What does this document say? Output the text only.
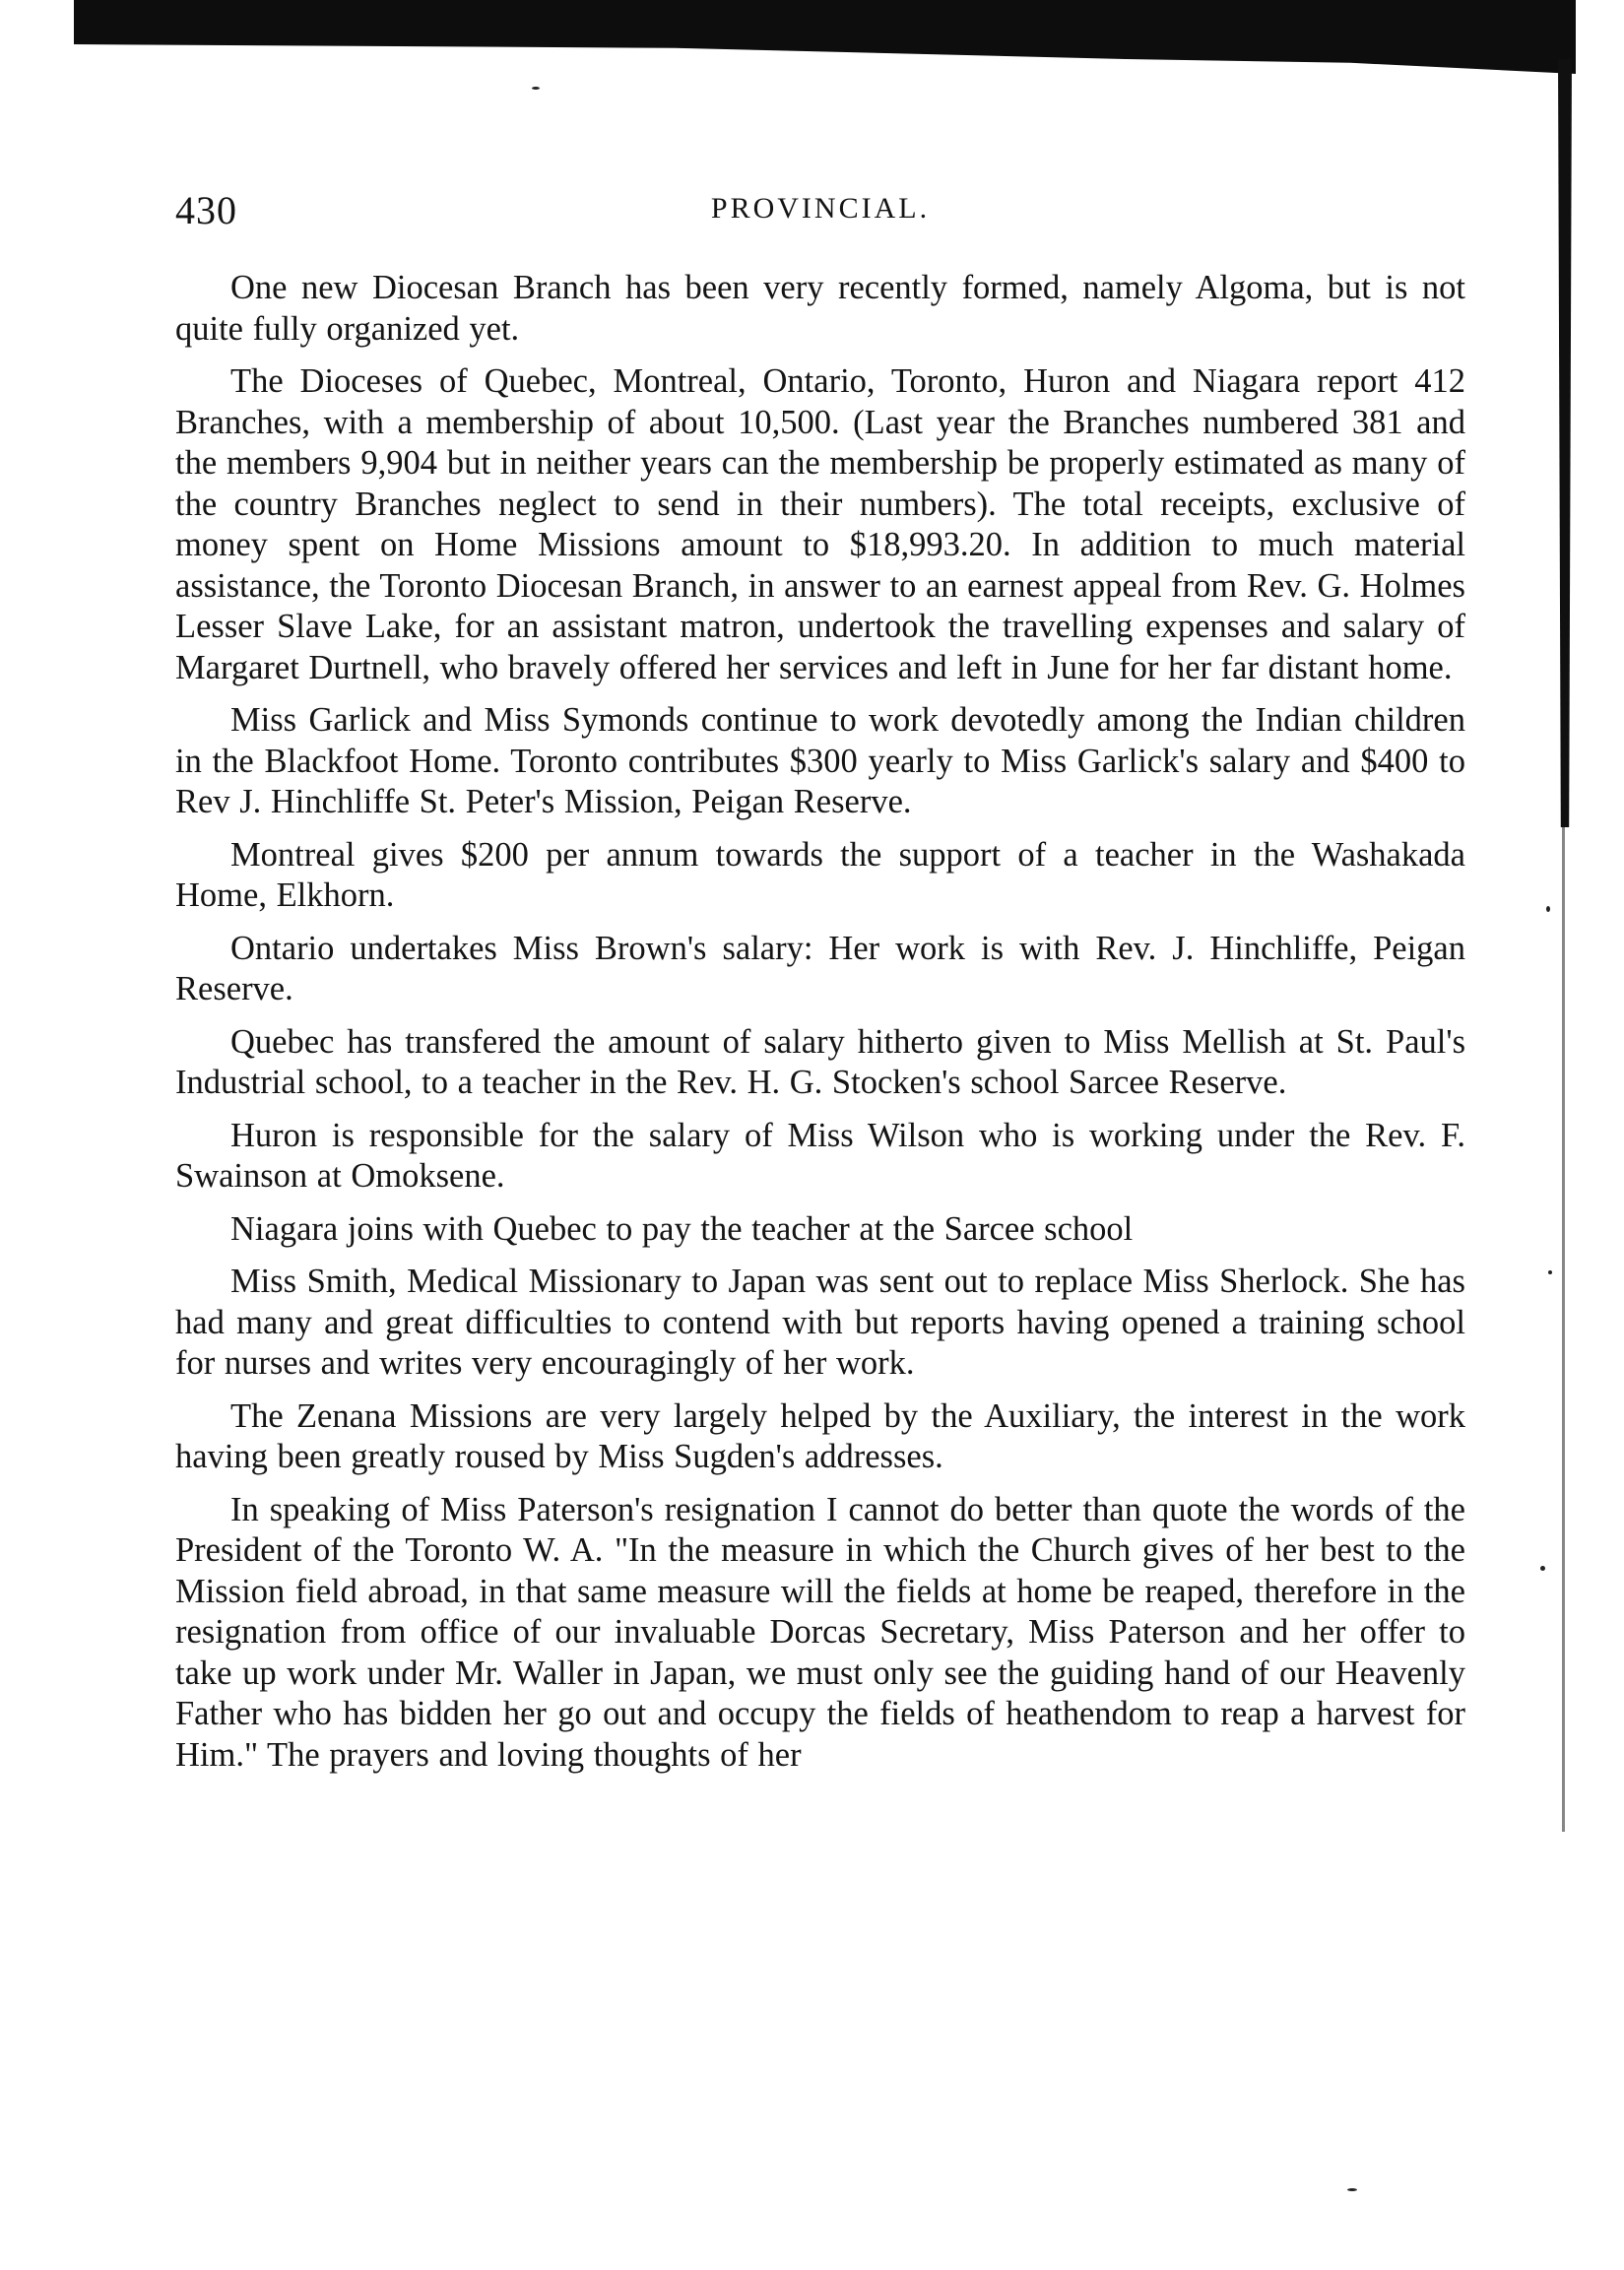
430	PROVINCIAL.

One new Diocesan Branch has been very recently formed, namely Algoma, but is not quite fully organized yet.

The Dioceses of Quebec, Montreal, Ontario, Toronto, Huron and Niagara report 412 Branches, with a membership of about 10,500. (Last year the Branches numbered 381 and the members 9,904 but in neither years can the membership be properly estimated as many of the country Branches neglect to send in their numbers). The total receipts, exclusive of money spent on Home Missions amount to $18,993.20. In addition to much material assistance, the Toronto Diocesan Branch, in answer to an earnest appeal from Rev. G. Holmes Lesser Slave Lake, for an assistant matron, undertook the travelling expenses and salary of Margaret Durtnell, who bravely offered her services and left in June for her far distant home.

Miss Garlick and Miss Symonds continue to work devotedly among the Indian children in the Blackfoot Home. Toronto contributes $300 yearly to Miss Garlick's salary and $400 to Rev J. Hinchliffe St. Peter's Mission, Peigan Reserve.

Montreal gives $200 per annum towards the support of a teacher in the Washakada Home, Elkhorn.

Ontario undertakes Miss Brown's salary: Her work is with Rev. J. Hinchliffe, Peigan Reserve.

Quebec has transfered the amount of salary hitherto given to Miss Mellish at St. Paul's Industrial school, to a teacher in the Rev. H. G. Stocken's school Sarcee Reserve.

Huron is responsible for the salary of Miss Wilson who is working under the Rev. F. Swainson at Omoksene.

Niagara joins with Quebec to pay the teacher at the Sarcee school

Miss Smith, Medical Missionary to Japan was sent out to replace Miss Sherlock. She has had many and great difficulties to contend with but reports having opened a training school for nurses and writes very encouragingly of her work.

The Zenana Missions are very largely helped by the Auxiliary, the interest in the work having been greatly roused by Miss Sugden's addresses.

In speaking of Miss Paterson's resignation I cannot do better than quote the words of the President of the Toronto W. A. "In the measure in which the Church gives of her best to the Mission field abroad, in that same measure will the fields at home be reaped, therefore in the resignation from office of our invaluable Dorcas Secretary, Miss Paterson and her offer to take up work under Mr. Waller in Japan, we must only see the guiding hand of our Heavenly Father who has bidden her go out and occupy the fields of heathendom to reap a harvest for Him." The prayers and loving thoughts of her
